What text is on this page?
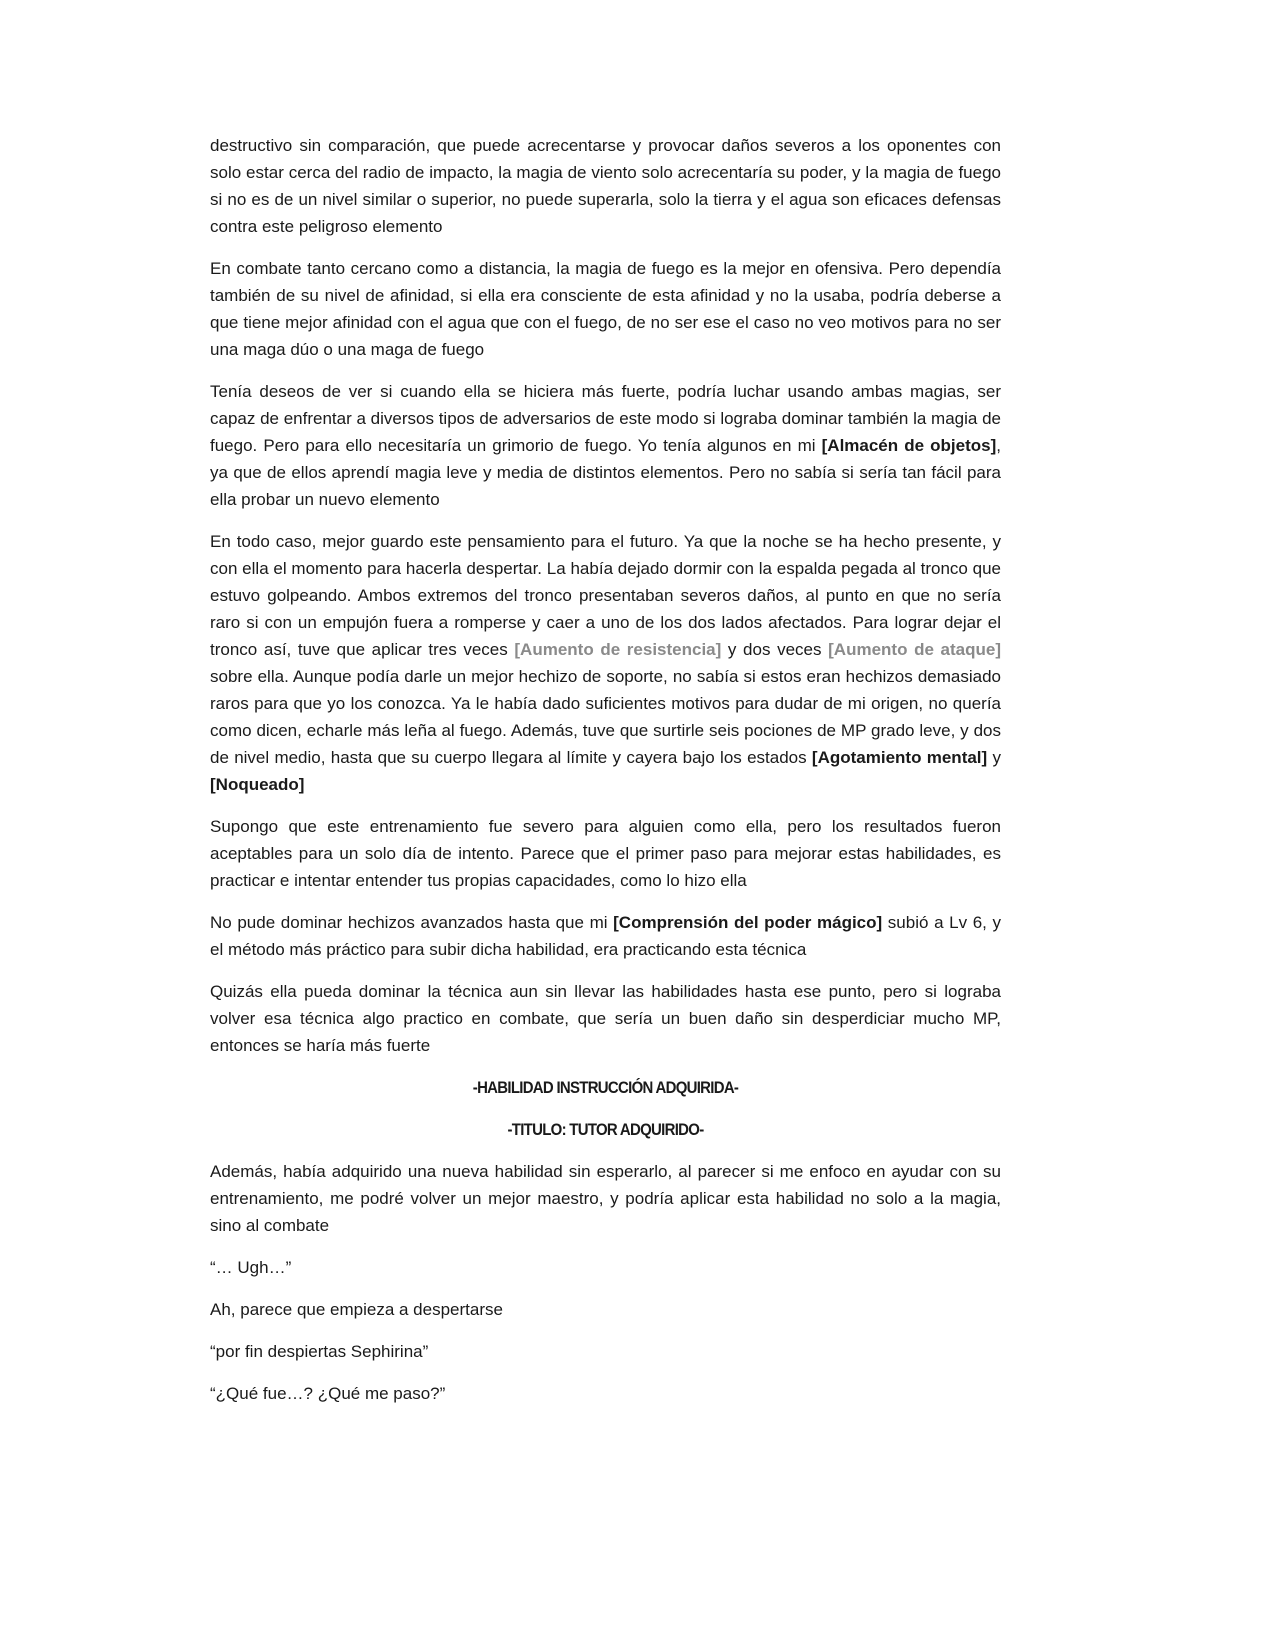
destructivo sin comparación, que puede acrecentarse y provocar daños severos a los oponentes con solo estar cerca del radio de impacto, la magia de viento solo acrecentaría su poder, y la magia de fuego si no es de un nivel similar o superior, no puede superarla, solo la tierra y el agua son eficaces defensas contra este peligroso elemento

En combate tanto cercano como a distancia, la magia de fuego es la mejor en ofensiva. Pero dependía también de su nivel de afinidad, si ella era consciente de esta afinidad y no la usaba, podría deberse a que tiene mejor afinidad con el agua que con el fuego, de no ser ese el caso no veo motivos para no ser una maga dúo o una maga de fuego

Tenía deseos de ver si cuando ella se hiciera más fuerte, podría luchar usando ambas magias, ser capaz de enfrentar a diversos tipos de adversarios de este modo si lograba dominar también la magia de fuego. Pero para ello necesitaría un grimorio de fuego. Yo tenía algunos en mi [Almacén de objetos], ya que de ellos aprendí magia leve y media de distintos elementos. Pero no sabía si sería tan fácil para ella probar un nuevo elemento

En todo caso, mejor guardo este pensamiento para el futuro. Ya que la noche se ha hecho presente, y con ella el momento para hacerla despertar. La había dejado dormir con la espalda pegada al tronco que estuvo golpeando. Ambos extremos del tronco presentaban severos daños, al punto en que no sería raro si con un empujón fuera a romperse y caer a uno de los dos lados afectados. Para lograr dejar el tronco así, tuve que aplicar tres veces [Aumento de resistencia] y dos veces [Aumento de ataque] sobre ella. Aunque podía darle un mejor hechizo de soporte, no sabía si estos eran hechizos demasiado raros para que yo los conozca. Ya le había dado suficientes motivos para dudar de mi origen, no quería como dicen, echarle más leña al fuego. Además, tuve que surtirle seis pociones de MP grado leve, y dos de nivel medio, hasta que su cuerpo llegara al límite y cayera bajo los estados [Agotamiento mental] y [Noqueado]

Supongo que este entrenamiento fue severo para alguien como ella, pero los resultados fueron aceptables para un solo día de intento. Parece que el primer paso para mejorar estas habilidades, es practicar e intentar entender tus propias capacidades, como lo hizo ella

No pude dominar hechizos avanzados hasta que mi [Comprensión del poder mágico] subió a Lv 6, y el método más práctico para subir dicha habilidad, era practicando esta técnica

Quizás ella pueda dominar la técnica aun sin llevar las habilidades hasta ese punto, pero si lograba volver esa técnica algo practico en combate, que sería un buen daño sin desperdiciar mucho MP, entonces se haría más fuerte

-HABILIDAD INSTRUCCIÓN ADQUIRIDA-
-TITULO: TUTOR ADQUIRIDO-

Además, había adquirido una nueva habilidad sin esperarlo, al parecer si me enfoco en ayudar con su entrenamiento, me podré volver un mejor maestro, y podría aplicar esta habilidad no solo a la magia, sino al combate

“… Ugh…”

Ah, parece que empieza a despertarse

“por fin despiertas Sephirina”

“¿Qué fue…? ¿Qué me paso?”
